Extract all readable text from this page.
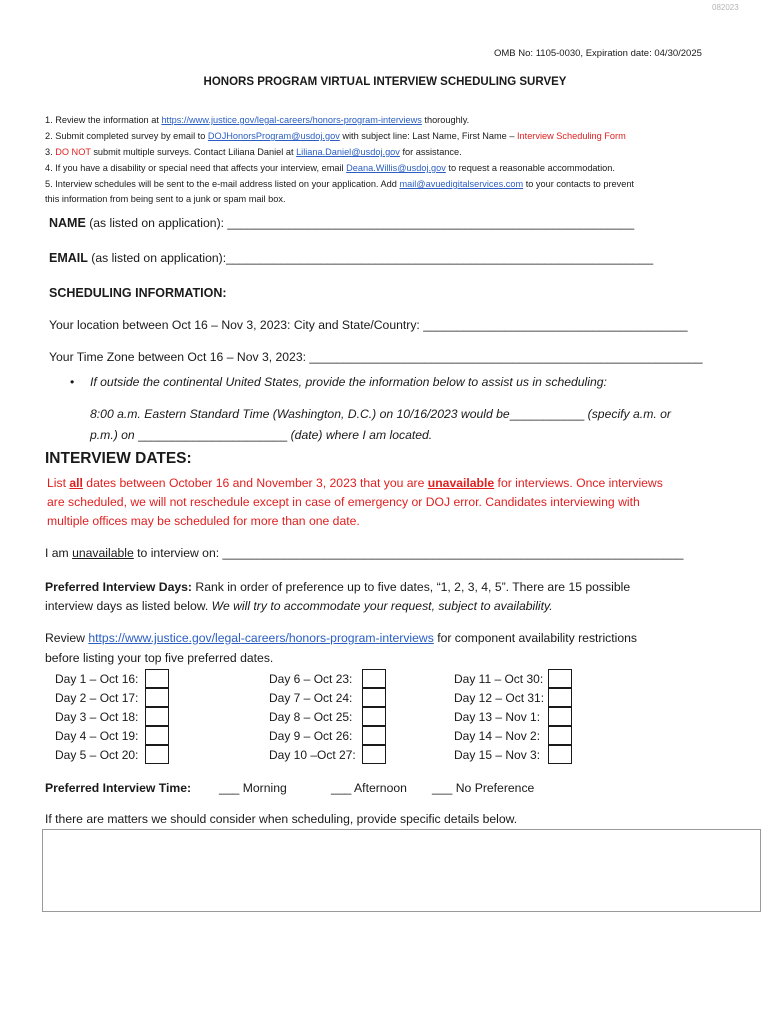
082023
OMB No: 1105-0030, Expiration date: 04/30/2025
HONORS PROGRAM VIRTUAL INTERVIEW SCHEDULING SURVEY
1. Review the information at https://www.justice.gov/legal-careers/honors-program-interviews thoroughly.
2. Submit completed survey by email to DOJHonorsProgram@usdoj.gov with subject line: Last Name, First Name – Interview Scheduling Form
3. DO NOT submit multiple surveys. Contact Liliana Daniel at Liliana.Daniel@usdoj.gov for assistance.
4. If you have a disability or special need that affects your interview, email Deana.Willis@usdoj.gov to request a reasonable accommodation.
5. Interview schedules will be sent to the e-mail address listed on your application. Add mail@avuedigitalservices.com to your contacts to prevent
this information from being sent to a junk or spam mail box.
NAME (as listed on application): ____________________________________________________________
EMAIL (as listed on application):_______________________________________________________________
SCHEDULING INFORMATION:
Your location between Oct 16 – Nov 3, 2023: City and State/Country: _______________________________________
Your Time Zone between Oct 16 – Nov 3, 2023: __________________________________________________________
• If outside the continental United States, provide the information below to assist us in scheduling:
8:00 a.m. Eastern Standard Time (Washington, D.C.) on 10/16/2023 would be___________ (specify a.m. or
p.m.) on ______________________ (date) where I am located.
INTERVIEW DATES:
List all dates between October 16 and November 3, 2023 that you are unavailable for interviews. Once interviews
are scheduled, we will not reschedule except in case of emergency or DOJ error. Candidates interviewing with
multiple offices may be scheduled for more than one date.
I am unavailable to interview on: ____________________________________________________________________
Preferred Interview Days: Rank in order of preference up to five dates, “1, 2, 3, 4, 5”. There are 15 possible
interview days as listed below. We will try to accommodate your request, subject to availability.
Review https://www.justice.gov/legal-careers/honors-program-interviews for component availability restrictions
before listing your top five preferred dates.
Day 1 – Oct 16:
Day 2 – Oct 17:
Day 3 – Oct 18:
Day 4 – Oct 19:
Day 5 – Oct 20:
Day 6 – Oct 23:
Day 7 – Oct 24:
Day 8 – Oct 25:
Day 9 – Oct 26:
Day 10 –Oct 27:
Day 11 – Oct 30:
Day 12 – Oct 31:
Day 13 – Nov 1:
Day 14 – Nov 2:
Day 15 – Nov 3:
Preferred Interview Time: ___ Morning	___ Afternoon ___ No Preference
If there are matters we should consider when scheduling, provide specific details below.
